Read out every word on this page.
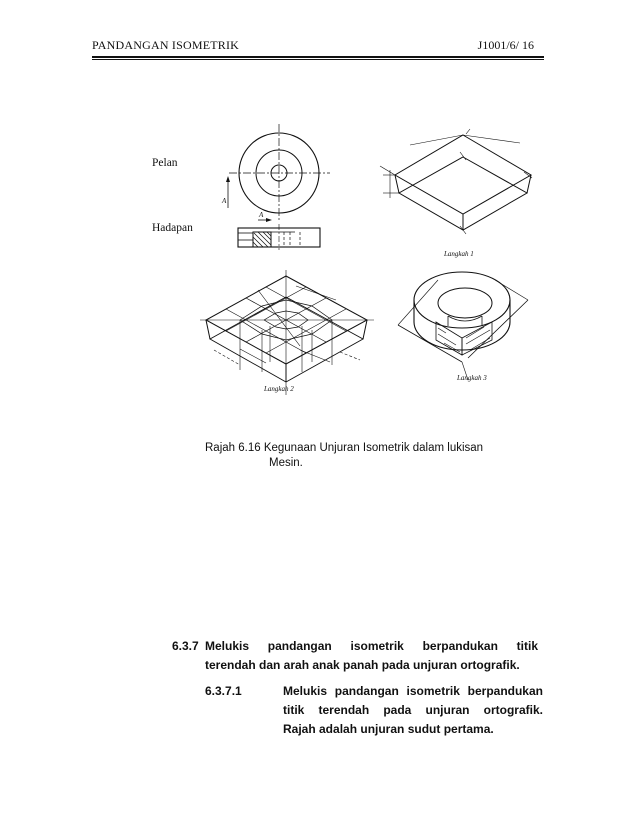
PANDANGAN ISOMETRIK	J1001/6/ 16
Pelan
Hadapan
A
A
Langkah 1
Langkah 2
Langkah 3
Rajah 6.16 Kegunaan Unjuran Isometrik dalam lukisan
Mesin.
6.3.7 Melukis pandangan isometrik berpandukan titik
terendah dan arah anak panah pada unjuran ortografik.
6.3.7.1	Melukis pandangan isometrik berpandukan
titik terendah pada unjuran ortografik.
Rajah adalah unjuran sudut pertama.
